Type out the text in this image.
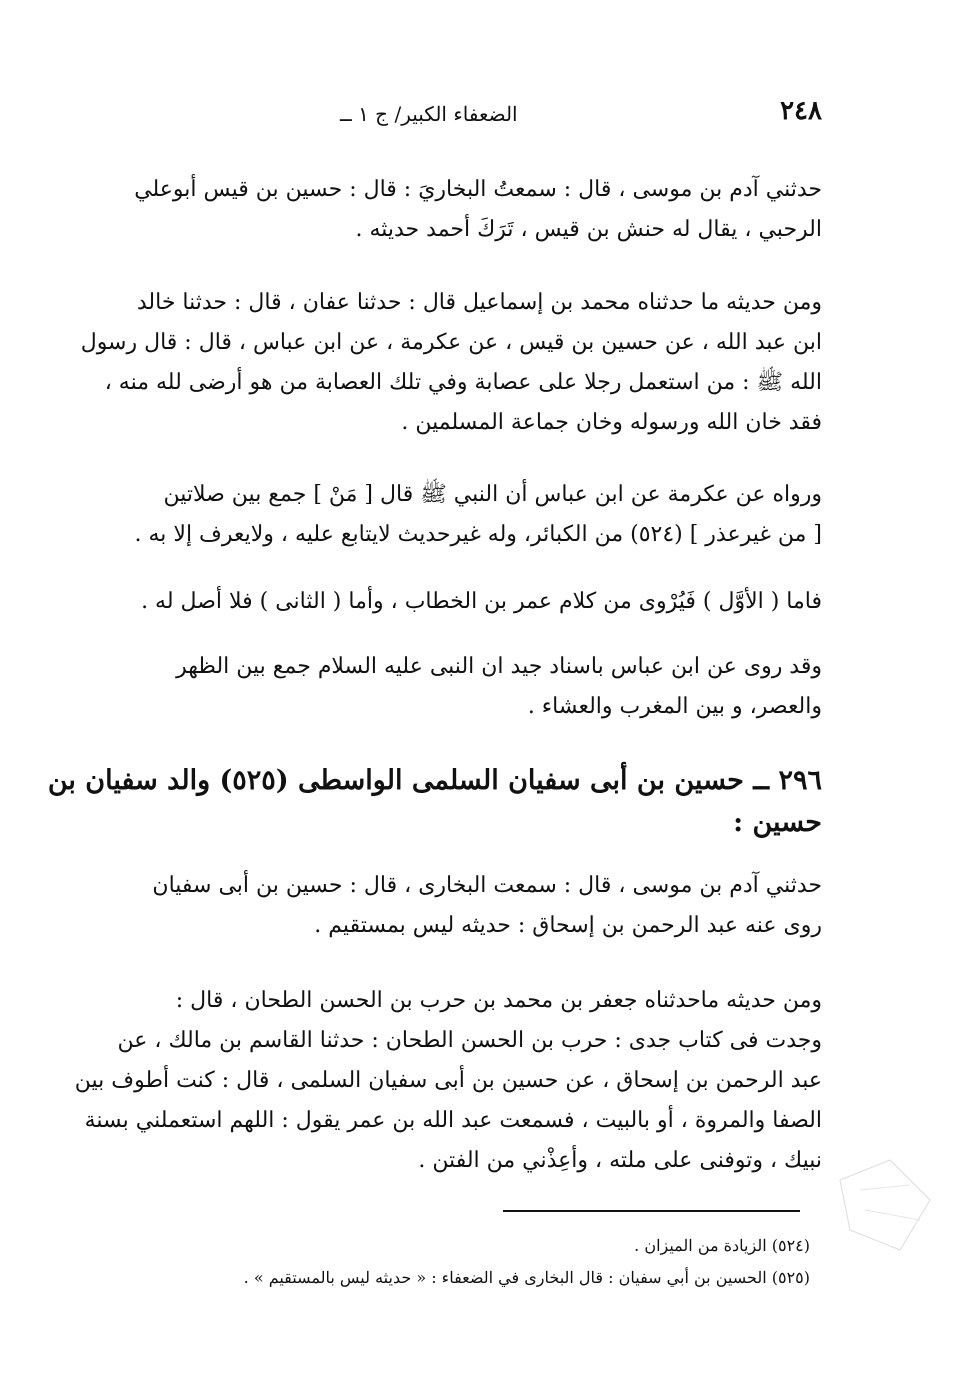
الضعفاء الكبير/ ج ١ ــ	٢٤٨
حدثني آدم بن موسى ، قال : سمعتُ البخاريَ : قال : حسين بن قيس أبوعلي
الرحبي ، يقال له حنش بن قيس ، تَرَكَ أحمد حديثه .
ومن حديثه ما حدثناه محمد بن إسماعيل قال : حدثنا عفان ، قال : حدثنا خالد
ابن عبد الله ، عن حسين بن قيس ، عن عكرمة ، عن ابن عباس ، قال : قال رسول
الله ﷺ : من استعمل رجلا على عصابة وفي تلك العصابة من هو أرضى لله منه ،
فقد خان الله ورسوله وخان جماعة المسلمين .
ورواه عن عكرمة عن ابن عباس أن النبي ﷺ قال [ مَنْ ] جمع بين صلاتين
[ من غيرعذر ] (٥٢٤) من الكبائر، وله غيرحديث لايتابع عليه ، ولايعرف إلا به .
فاما ( الأوَّل ) فَيُرْوى من كلام عمر بن الخطاب ، وأما ( الثانى ) فلا أصل له .
وقد روى عن ابن عباس باسناد جيد ان النبى عليه السلام جمع بين الظهر
والعصر، و بين المغرب والعشاء .
٢٩٦ ــ حسين بن أبى سفيان السلمى الواسطى (٥٢٥) والد سفيان بن
حسين :
حدثني آدم بن موسى ، قال : سمعت البخارى ، قال : حسين بن أبى سفيان
روى عنه عبد الرحمن بن إسحاق : حديثه ليس بمستقيم .
ومن حديثه ماحدثناه جعفر بن محمد بن حرب بن الحسن الطحان ، قال :
وجدت فى كتاب جدى : حرب بن الحسن الطحان : حدثنا القاسم بن مالك ، عن
عبد الرحمن بن إسحاق ، عن حسين بن أبى سفيان السلمى ، قال : كنت أطوف بين
الصفا والمروة ، أو بالبيت ، فسمعت عبد الله بن عمر يقول : اللهم استعملني بسنة
نبيك ، وتوفنى على ملته ، وأعِذْني من الفتن .
(٥٢٤) الزيادة من الميزان .
(٥٢٥) الحسين بن أبي سفيان : قال البخارى في الضعفاء : « حديثه ليس بالمستقيم » .
